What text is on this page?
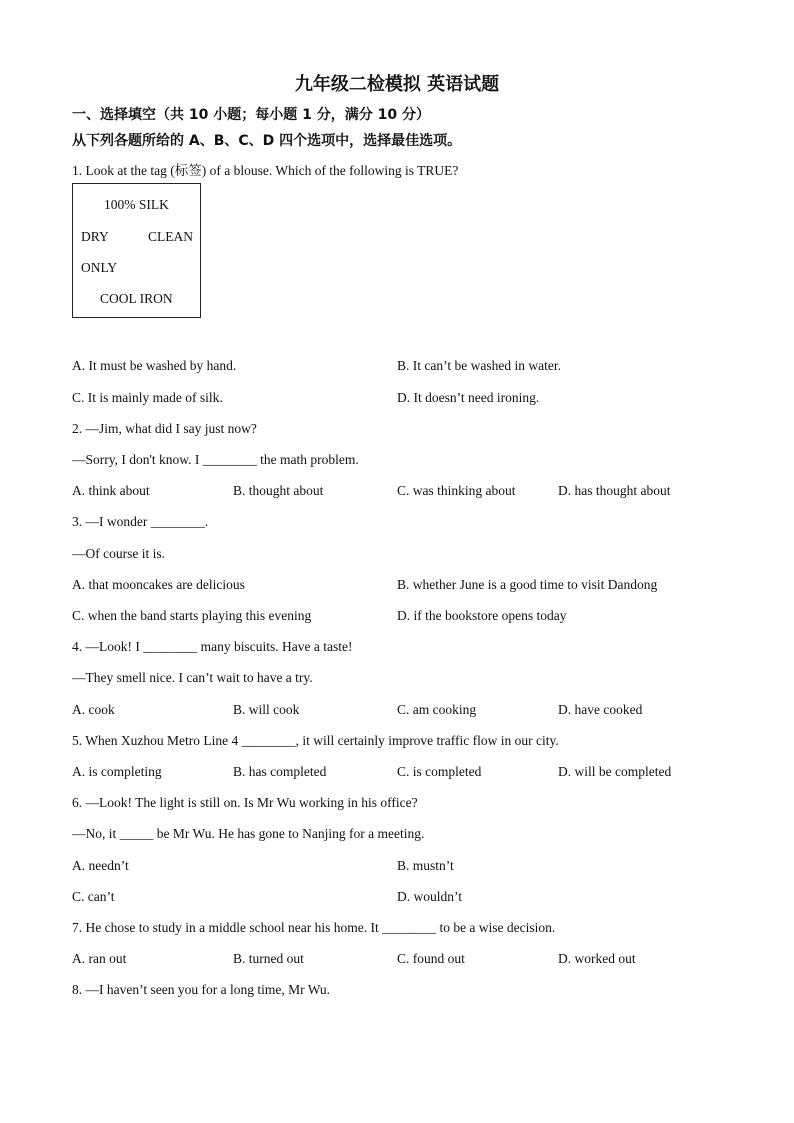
九年级二检模拟 英语试题
一、选择填空（共 10 小题；每小题 1 分，满分 10 分）
从下列各题所给的 A、B、C、D 四个选项中，选择最佳选项。
1. Look at the tag (标签) of a blouse. Which of the following is TRUE?
100% SILK
DRY	CLEAN
ONLY
COOL IRON
A. It must be washed by hand.	B. It can’t be washed in water.
C. It is mainly made of silk.	D. It doesn’t need ironing.
2. —Jim, what did I say just now?
—Sorry, I don't know. I ________ the math problem.
A. think about	B. thought about	C. was thinking about	D. has thought about
3. —I wonder ________.
—Of course it is.
A. that mooncakes are delicious	B. whether June is a good time to visit Dandong
C. when the band starts playing this evening	D. if the bookstore opens today
4. —Look! I ________ many biscuits. Have a taste!
—They smell nice. I can’t wait to have a try.
A. cook	B. will cook	C. am cooking	D. have cooked
5. When Xuzhou Metro Line 4 ________, it will certainly improve traffic flow in our city.
A. is completing	B. has completed	C. is completed	D. will be completed
6. —Look! The light is still on. Is Mr Wu working in his office?
—No, it _____ be Mr Wu. He has gone to Nanjing for a meeting.
A. needn’t	B. mustn’t
C. can’t	D. wouldn’t
7. He chose to study in a middle school near his home. It ________ to be a wise decision.
A. ran out	B. turned out	C. found out	D. worked out
8. —I haven’t seen you for a long time, Mr Wu.
